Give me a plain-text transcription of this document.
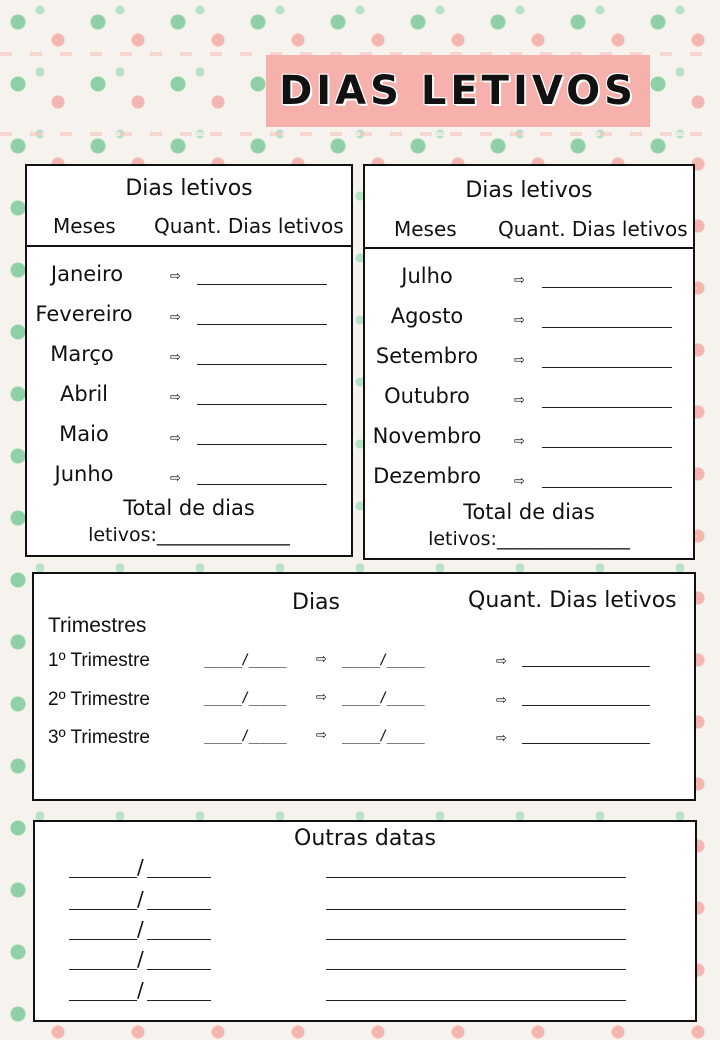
DIAS LETIVOS
Dias letivos
Meses Quant. Dias letivos
Janeiro	⇨
Fevereiro	⇨
Março	⇨
Abril	⇨
Maio	⇨
Junho	⇨
Total de dias
letivos:______________
Dias letivos
Meses Quant. Dias letivos
Julho	⇨
Agosto	⇨
Setembro	⇨
Outubro	⇨
Novembro	⇨
Dezembro	⇨
Total de dias
letivos:______________
Dias	Quant. Dias letivos
Trimestres
1º Trimestre	_____/_____ ⇨ _____/_____	⇨
2º Trimestre	_____/_____ ⇨ _____/_____	⇨
3º Trimestre	_____/_____ ⇨ _____/_____	⇨
Outras datas
/
/
/
/
/
